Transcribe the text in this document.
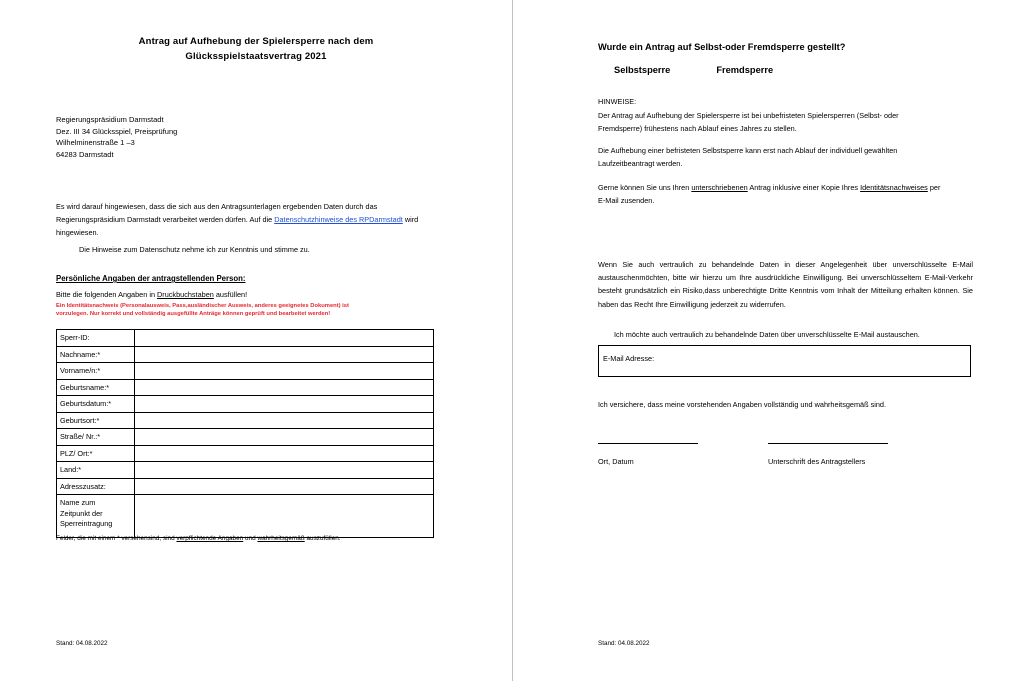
Antrag auf Aufhebung der Spielersperre nach dem
Glücksspielstaatsvertrag 2021
Regierungspräsidium Darmstadt
Dez. III 34 Glücksspiel, Preisprüfung
Wilhelminenstraße 1 –3
64283 Darmstadt
Es wird darauf hingewiesen, dass die sich aus den Antragsunterlagen ergebenden Daten durch das Regierungspräsidium Darmstadt verarbeitet werden dürfen. Auf die Datenschutzhinweise des RPDarmstadt wird hingewiesen.
Die Hinweise zum Datenschutz nehme ich zur Kenntnis und stimme zu.
Persönliche Angaben der antragstellenden Person:
Bitte die folgenden Angaben in Druckbuchstaben ausfüllen!
Ein Identitätsnachweis (Personalausweis, Pass,ausländischer Ausweis, anderes geeignetes Dokument) ist
vorzulegen. Nur korrekt und vollständig ausgefüllte Anträge können geprüft und bearbeitet werden!
Sperr-ID:	
Nachname:*	
Vorname/n:*	
Geburtsname:*	
Geburtsdatum:*	
Geburtsort:*	
Straße/ Nr.:*	
PLZ/ Ort:*	
Land:*	
Adresszusatz:	

Name zum
Zeitpunkt der
Sperreintragung	

Felder, die mit einem * versehensind, sind verpflichtende Angaben und wahrheitsgemäß auszufüllen.
Stand: 04.08.2022
Wurde ein Antrag auf Selbst-oder Fremdsperre gestellt?
Selbstsperre	Fremdsperre
HINWEISE:
Der Antrag auf Aufhebung der Spielersperre ist bei unbefristeten Spielersperren (Selbst- oder Fremdsperre) frühestens nach Ablauf eines Jahres zu stellen.
Die Aufhebung einer befristeten Selbstsperre kann erst nach Ablauf der individuell gewählten Laufzeitbeantragt werden.
Gerne können Sie uns Ihren unterschriebenen Antrag inklusive einer Kopie Ihres Identitätsnachweises per E-Mail zusenden.
Wenn Sie auch vertraulich zu behandelnde Daten in dieser Angelegenheit über unverschlüsselte E-Mail austauschenmöchten, bitte wir hierzu um Ihre ausdrückliche Einwilligung. Bei unverschlüsseltem E-Mail-Verkehr besteht grundsätzlich ein Risiko,dass unberechtigte Dritte Kenntnis vom Inhalt der Mitteilung erhalten können. Sie haben das Recht Ihre Einwilligung jederzeit zu widerrufen.
Ich möchte auch vertraulich zu behandelnde Daten über unverschlüsselte E-Mail austauschen.
E-Mail Adresse:
Ich versichere, dass meine vorstehenden Angaben vollständig und wahrheitsgemäß sind.
Ort, Datum	Unterschrift des Antragstellers
Stand: 04.08.2022
